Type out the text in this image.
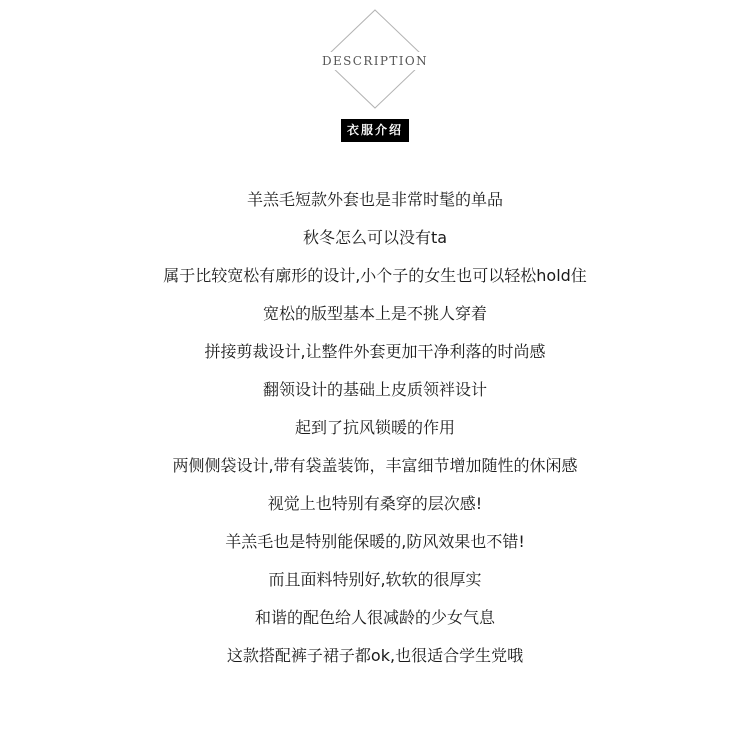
DESCRIPTION
衣服介绍
羊羔毛短款外套也是非常时髦的单品
秋冬怎么可以没有ta
属于比较宽松有廓形的设计,小个子的女生也可以轻松hold住
宽松的版型基本上是不挑人穿着
拼接剪裁设计,让整件外套更加干净利落的时尚感
翻领设计的基础上皮质领袢设计
起到了抗风锁暖的作用
两侧侧袋设计,带有袋盖装饰，丰富细节增加随性的休闲感
视觉上也特别有桑穿的层次感!
羊羔毛也是特别能保暖的,防风效果也不错!
而且面料特别好,软软的很厚实
和谐的配色给人很减龄的少女气息
这款搭配裤子裙子都ok,也很适合学生党哦
